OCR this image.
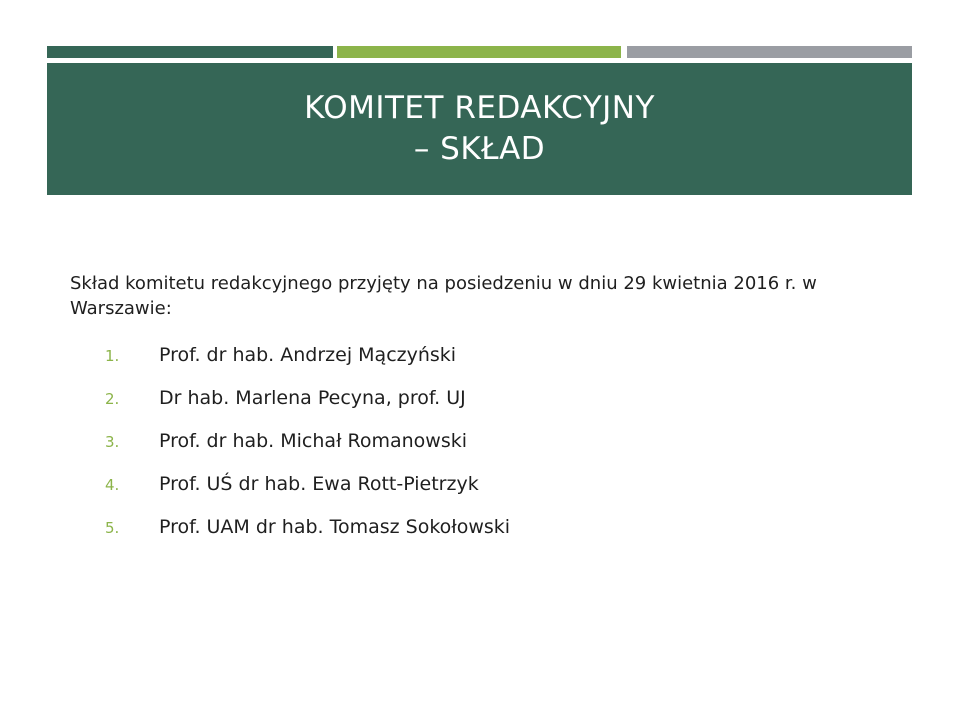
KOMITET REDAKCYJNY
– SKŁAD
Skład komitetu redakcyjnego przyjęty na posiedzeniu w dniu 29 kwietnia 2016 r. w Warszawie:
1.	Prof. dr hab. Andrzej Mączyński
2.	Dr hab. Marlena Pecyna, prof. UJ
3.	Prof. dr hab. Michał Romanowski
4.	Prof. UŚ dr hab. Ewa Rott-Pietrzyk
5.	Prof. UAM dr hab. Tomasz Sokołowski
